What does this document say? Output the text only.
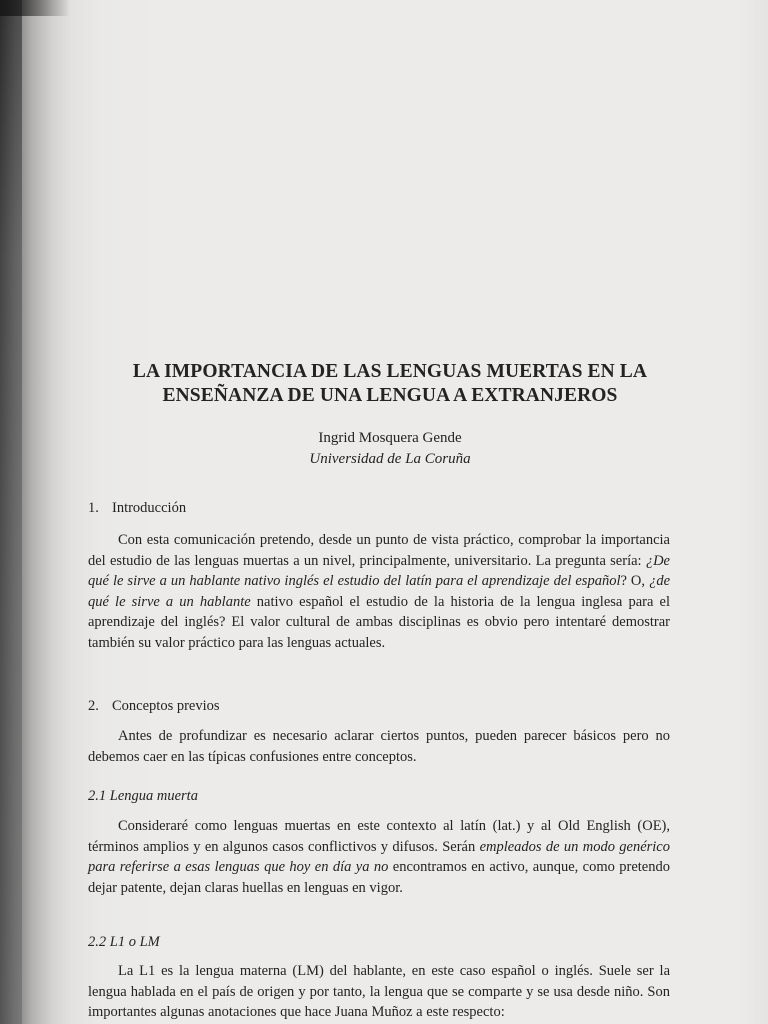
LA IMPORTANCIA DE LAS LENGUAS MUERTAS EN LA
ENSEÑANZA DE UNA LENGUA A EXTRANJEROS
Ingrid Mosquera Gende
Universidad de La Coruña
1. Introducción
Con esta comunicación pretendo, desde un punto de vista práctico, comprobar la importancia del estudio de las lenguas muertas a un nivel, principalmente, universitario. La pregunta sería: ¿De qué le sirve a un hablante nativo inglés el estudio del latín para el aprendizaje del español? O, ¿de qué le sirve a un hablante nativo español el estudio de la historia de la lengua inglesa para el aprendizaje del inglés? El valor cultural de ambas disciplinas es obvio pero intentaré demostrar también su valor práctico para las lenguas actuales.
2. Conceptos previos
Antes de profundizar es necesario aclarar ciertos puntos, pueden parecer básicos pero no debemos caer en las típicas confusiones entre conceptos.
2.1 Lengua muerta
Consideraré como lenguas muertas en este contexto al latín (lat.) y al Old English (OE), términos amplios y en algunos casos conflictivos y difusos. Serán empleados de un modo genérico para referirse a esas lenguas que hoy en día ya no encontramos en activo, aunque, como pretendo dejar patente, dejan claras huellas en lenguas en vigor.
2.2 L1 o LM
La L1 es la lengua materna (LM) del hablante, en este caso español o inglés. Suele ser la lengua hablada en el país de origen y por tanto, la lengua que se comparte y se usa desde niño. Son importantes algunas anotaciones que hace Juana Muñoz a este respecto:
